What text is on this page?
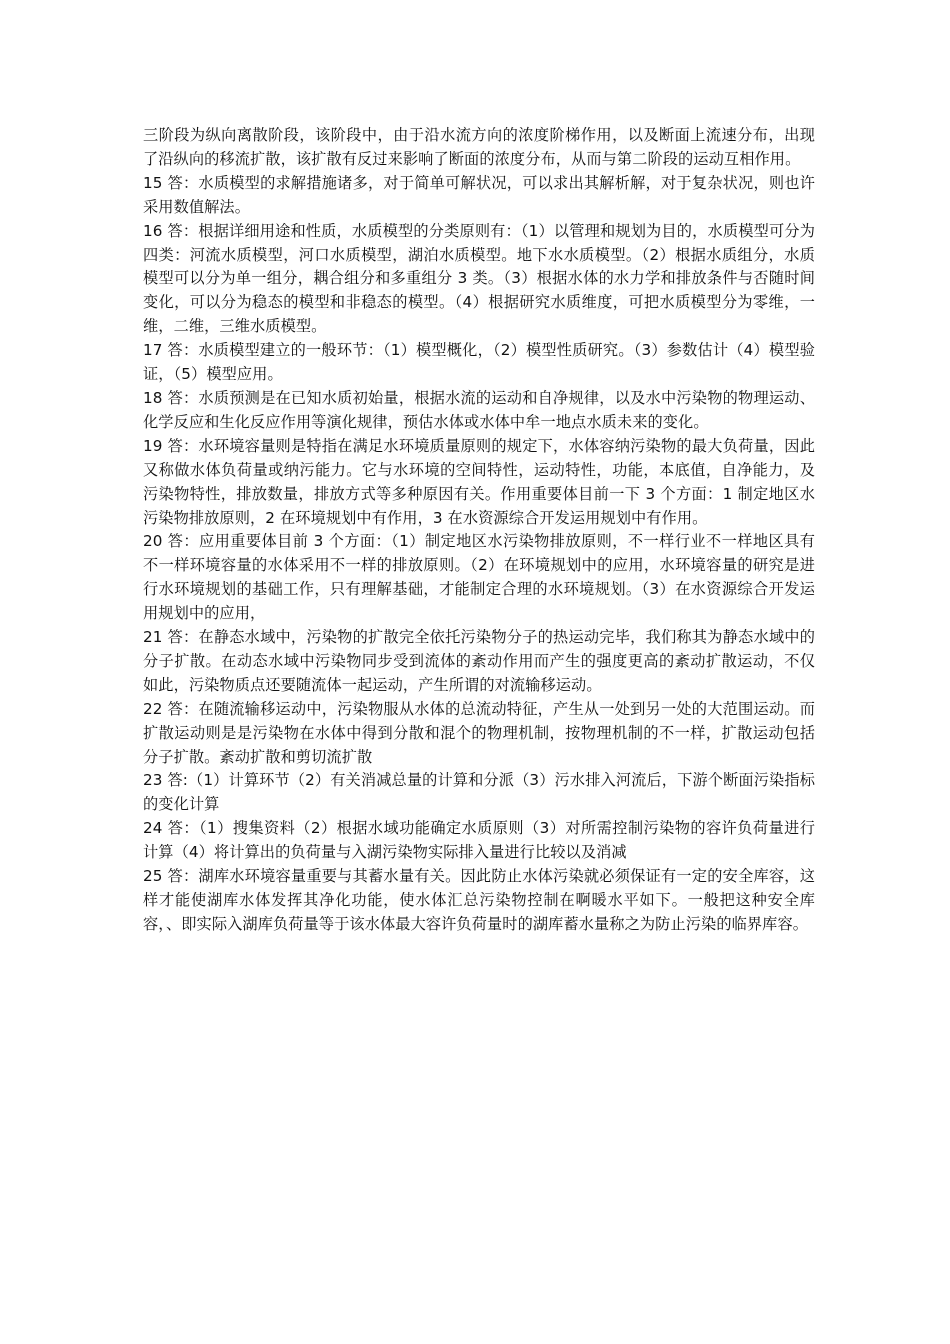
三阶段为纵向离散阶段，该阶段中，由于沿水流方向的浓度阶梯作用，以及断面上流速分布，出现了沿纵向的移流扩散，该扩散有反过来影响了断面的浓度分布，从而与第二阶段的运动互相作用。

15 答：水质模型的求解措施诸多，对于简单可解状况，可以求出其解析解，对于复杂状况，则也许采用数值解法。

16 答：根据详细用途和性质，水质模型的分类原则有：（1）以管理和规划为目的，水质模型可分为四类：河流水质模型，河口水质模型，湖泊水质模型。地下水水质模型。（2）根据水质组分，水质模型可以分为单一组分，耦合组分和多重组分 3 类。（3）根据水体的水力学和排放条件与否随时间变化，可以分为稳态的模型和非稳态的模型。（4）根据研究水质维度，可把水质模型分为零维，一维，二维，三维水质模型。

17 答：水质模型建立的一般环节：（1）模型概化，（2）模型性质研究。（3）参数估计（4）模型验证，（5）模型应用。

18 答：水质预测是在已知水质初始量，根据水流的运动和自净规律，以及水中污染物的物理运动、化学反应和生化反应作用等演化规律，预估水体或水体中牟一地点水质未来的变化。

19 答：水环境容量则是特指在满足水环境质量原则的规定下，水体容纳污染物的最大负荷量，因此又称做水体负荷量或纳污能力。它与水环境的空间特性，运动特性，功能，本底值，自净能力，及污染物特性，排放数量，排放方式等多种原因有关。作用重要体目前一下 3 个方面：1 制定地区水污染物排放原则，2 在环境规划中有作用，3 在水资源综合开发运用规划中有作用。

20 答：应用重要体目前 3 个方面：（1）制定地区水污染物排放原则，不一样行业不一样地区具有不一样环境容量的水体采用不一样的排放原则。（2）在环境规划中的应用，水环境容量的研究是进行水环境规划的基础工作，只有理解基础，才能制定合理的水环境规划。（3）在水资源综合开发运用规划中的应用，

21 答：在静态水域中，污染物的扩散完全依托污染物分子的热运动完毕，我们称其为静态水域中的分子扩散。在动态水域中污染物同步受到流体的紊动作用而产生的强度更高的紊动扩散运动，不仅如此，污染物质点还要随流体一起运动，产生所谓的对流输移运动。

22 答：在随流输移运动中，污染物服从水体的总流动特征，产生从一处到另一处的大范围运动。而扩散运动则是是污染物在水体中得到分散和混个的物理机制，按物理机制的不一样，扩散运动包括分子扩散。紊动扩散和剪切流扩散

23 答:（1）计算环节（2）有关消减总量的计算和分派（3）污水排入河流后，下游个断面污染指标的变化计算

24 答：（1）搜集资料（2）根据水域功能确定水质原则（3）对所需控制污染物的容许负荷量进行计算（4）将计算出的负荷量与入湖污染物实际排入量进行比较以及消减

25 答：湖库水环境容量重要与其蓄水量有关。因此防止水体污染就必须保证有一定的安全库容，这样才能使湖库水体发挥其净化功能，使水体汇总污染物控制在啊暖水平如下。一般把这种安全库容，、即实际入湖库负荷量等于该水体最大容许负荷量时的湖库蓄水量称之为防止污染的临界库容。
